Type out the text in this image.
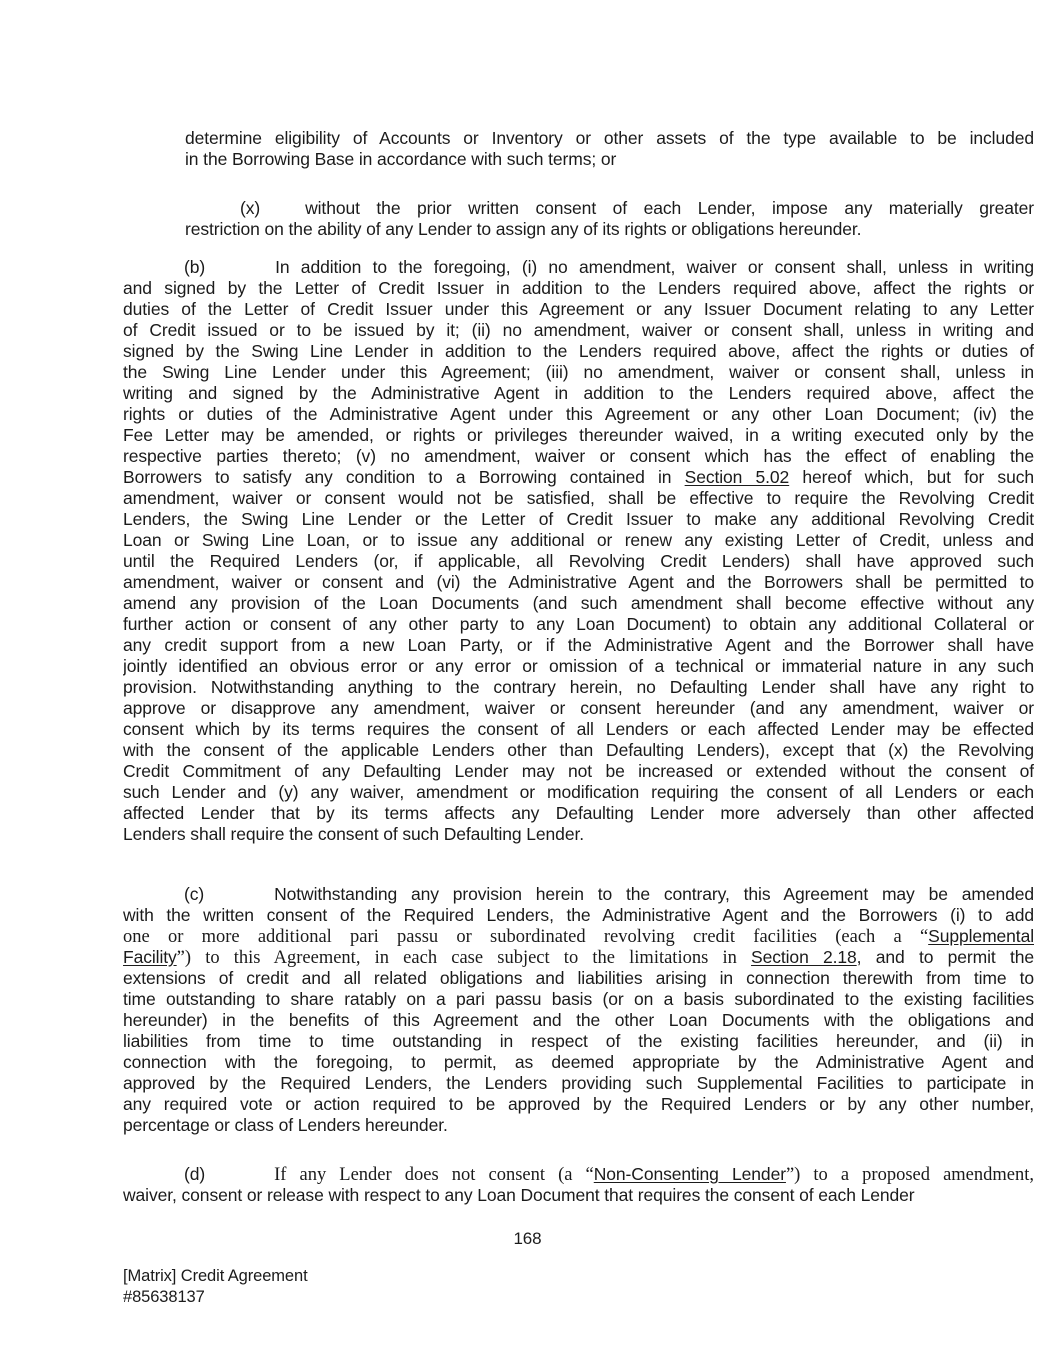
determine eligibility of Accounts or Inventory or other assets of the type available to be included
in the Borrowing Base in accordance with such terms; or
(x)	without the prior written consent of each Lender, impose any materially greater
restriction on the ability of any Lender to assign any of its rights or obligations hereunder.
(b)	In addition to the foregoing, (i) no amendment, waiver or consent shall, unless in writing
and signed by the Letter of Credit Issuer in addition to the Lenders required above, affect the rights or
duties of the Letter of Credit Issuer under this Agreement or any Issuer Document relating to any Letter
of Credit issued or to be issued by it; (ii) no amendment, waiver or consent shall, unless in writing and
signed by the Swing Line Lender in addition to the Lenders required above, affect the rights or duties of
the Swing Line Lender under this Agreement; (iii) no amendment, waiver or consent shall, unless in
writing and signed by the Administrative Agent in addition to the Lenders required above, affect the
rights or duties of the Administrative Agent under this Agreement or any other Loan Document; (iv) the
Fee Letter may be amended, or rights or privileges thereunder waived, in a writing executed only by the
respective parties thereto; (v) no amendment, waiver or consent which has the effect of enabling the
Borrowers to satisfy any condition to a Borrowing contained in Section 5.02 hereof which, but for such
amendment, waiver or consent would not be satisfied, shall be effective to require the Revolving Credit
Lenders, the Swing Line Lender or the Letter of Credit Issuer to make any additional Revolving Credit
Loan or Swing Line Loan, or to issue any additional or renew any existing Letter of Credit, unless and
until the Required Lenders (or, if applicable, all Revolving Credit Lenders) shall have approved such
amendment, waiver or consent and (vi) the Administrative Agent and the Borrowers shall be permitted to
amend any provision of the Loan Documents (and such amendment shall become effective without any
further action or consent of any other party to any Loan Document) to obtain any additional Collateral or
any credit support from a new Loan Party, or if the Administrative Agent and the Borrower shall have
jointly identified an obvious error or any error or omission of a technical or immaterial nature in any such
provision. Notwithstanding anything to the contrary herein, no Defaulting Lender shall have any right to
approve or disapprove any amendment, waiver or consent hereunder (and any amendment, waiver or
consent which by its terms requires the consent of all Lenders or each affected Lender may be effected
with the consent of the applicable Lenders other than Defaulting Lenders), except that (x) the Revolving
Credit Commitment of any Defaulting Lender may not be increased or extended without the consent of
such Lender and (y) any waiver, amendment or modification requiring the consent of all Lenders or each
affected Lender that by its terms affects any Defaulting Lender more adversely than other affected
Lenders shall require the consent of such Defaulting Lender.
(c)	Notwithstanding any provision herein to the contrary, this Agreement may be amended
with the written consent of the Required Lenders, the Administrative Agent and the Borrowers (i) to add
one or more additional pari passu or subordinated revolving credit facilities (each a “Supplemental
Facility”) to this Agreement, in each case subject to the limitations in Section 2.18, and to permit the
extensions of credit and all related obligations and liabilities arising in connection therewith from time to
time outstanding to share ratably on a pari passu basis (or on a basis subordinated to the existing facilities
hereunder) in the benefits of this Agreement and the other Loan Documents with the obligations and
liabilities from time to time outstanding in respect of the existing facilities hereunder, and (ii) in
connection with the foregoing, to permit, as deemed appropriate by the Administrative Agent and
approved by the Required Lenders, the Lenders providing such Supplemental Facilities to participate in
any required vote or action required to be approved by the Required Lenders or by any other number,
percentage or class of Lenders hereunder.
(d)	If any Lender does not consent (a “Non-Consenting Lender”) to a proposed amendment,
waiver, consent or release with respect to any Loan Document that requires the consent of each Lender
168
[Matrix] Credit Agreement
#85638137
